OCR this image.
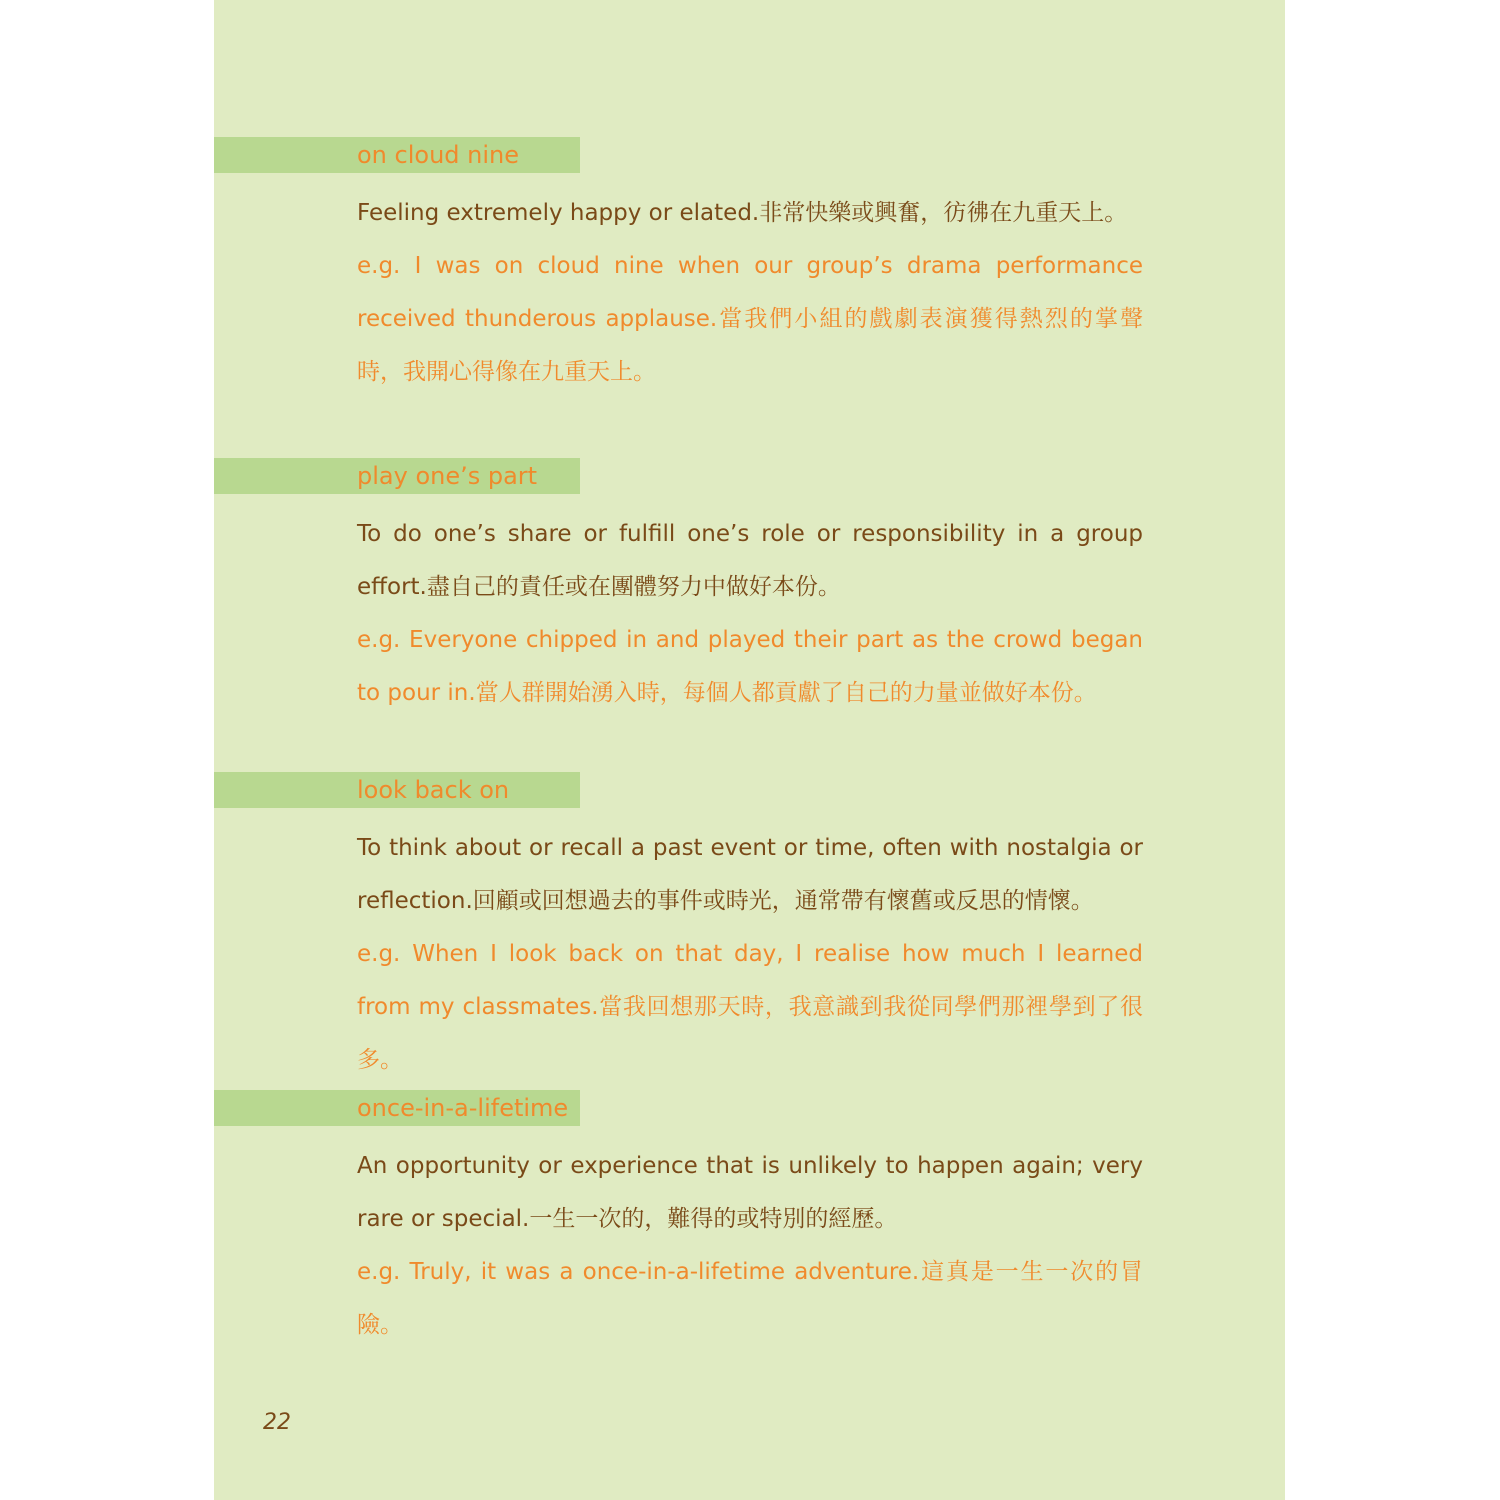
on cloud nine
Feeling extremely happy or elated.非常快樂或興奮，彷彿在九重天上。
e.g. I was on cloud nine when our group’s drama performance received thunderous applause.當我們小組的戲劇表演獲得熱烈的掌聲時，我開心得像在九重天上。
play one’s part
To do one’s share or fulfill one’s role or responsibility in a group effort.盡自己的責任或在團體努力中做好本份。
e.g. Everyone chipped in and played their part as the crowd began to pour in.當人群開始湧入時，每個人都貢獻了自己的力量並做好本份。
look back on
To think about or recall a past event or time, often with nostalgia or reflection.回顧或回想過去的事件或時光，通常帶有懷舊或反思的情懷。
e.g. When I look back on that day, I realise how much I learned from my classmates.當我回想那天時，我意識到我從同學們那裡學到了很多。
once-in-a-lifetime
An opportunity or experience that is unlikely to happen again; very rare or special.一生一次的，難得的或特別的經歷。
e.g. Truly, it was a once-in-a-lifetime adventure.這真是一生一次的冒險。
22
